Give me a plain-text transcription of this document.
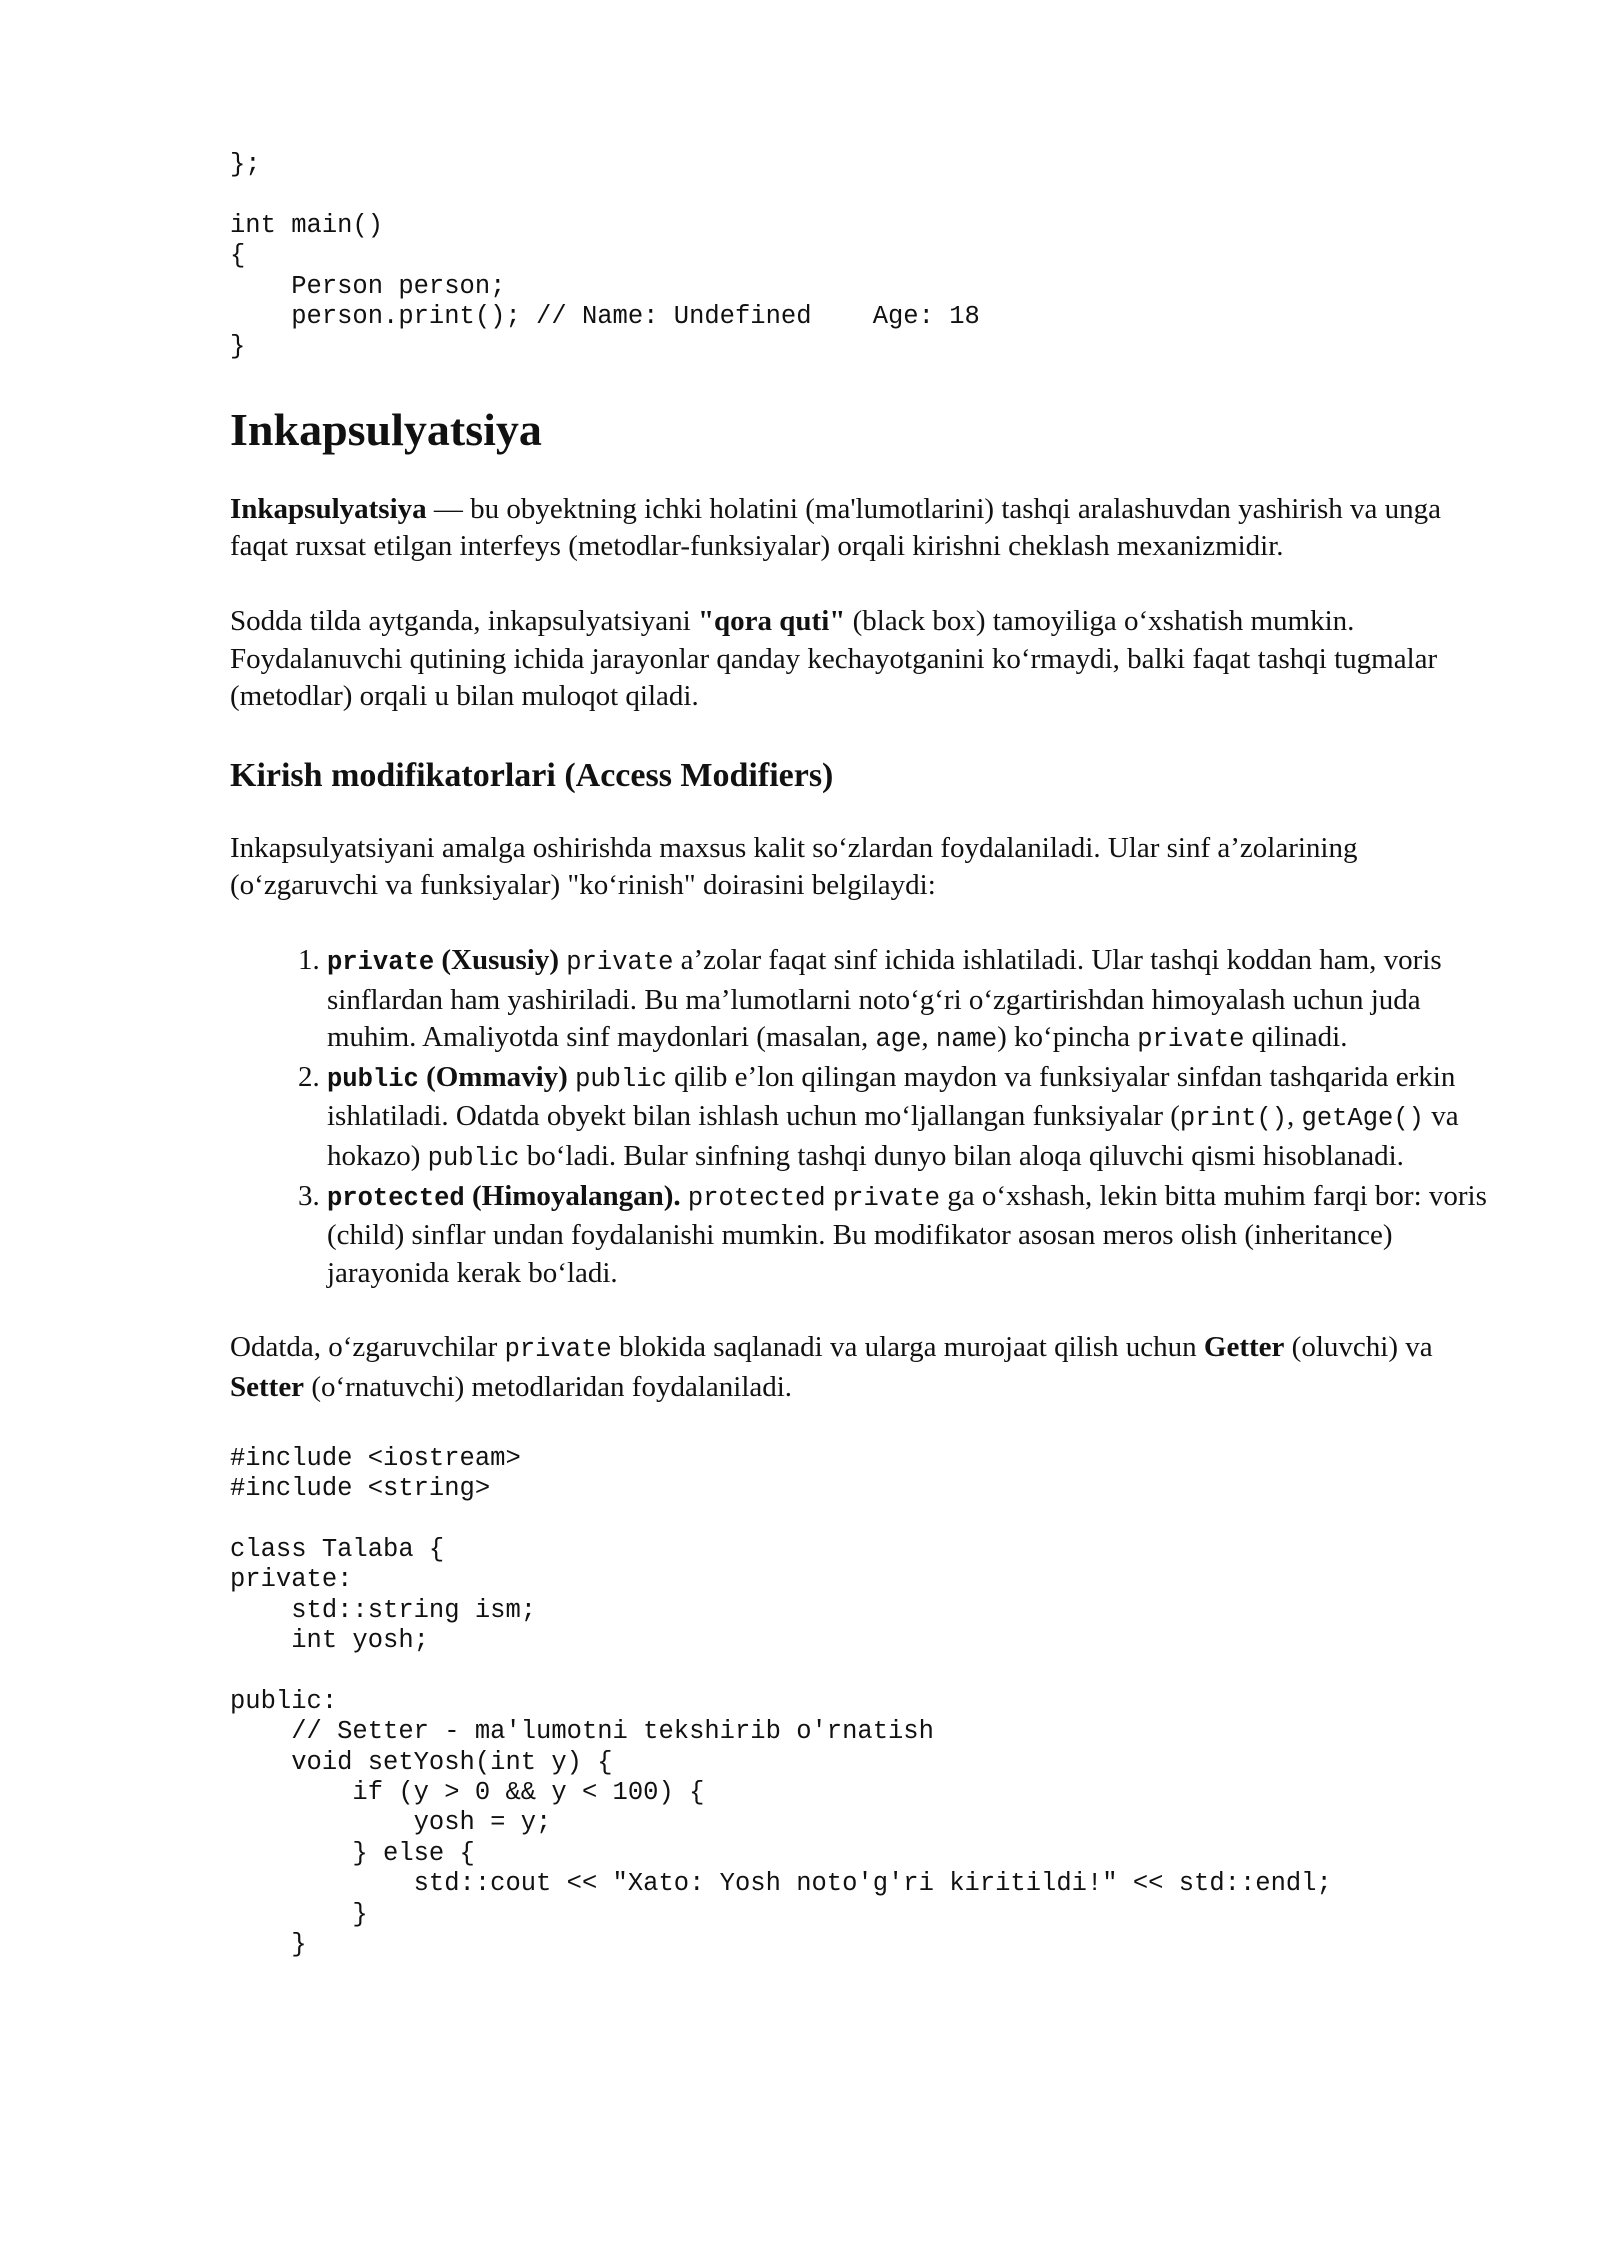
};

int main()
{
Person person;
person.print(); // Name: Undefined    Age: 18
}
Inkapsulyatsiya

Inkapsulyatsiya — bu obyektning ichki holatini (ma'lumotlarini) tashqi aralashuvdan yashirish va unga faqat ruxsat etilgan interfeys (metodlar-funksiyalar) orqali kirishni cheklash mexanizmidir.

Sodda tilda aytganda, inkapsulyatsiyani "qora quti" (black box) tamoyiliga oʻxshatish mumkin. Foydalanuvchi qutining ichida jarayonlar qanday kechayotganini koʻrmaydi, balki faqat tashqi tugmalar (metodlar) orqali u bilan muloqot qiladi.

Kirish modifikatorlari (Access Modifiers)

Inkapsulyatsiyani amalga oshirishda maxsus kalit soʻzlardan foydalaniladi. Ular sinf a’zolarining (oʻzgaruvchi va funksiyalar) "koʻrinish" doirasini belgilaydi:

1. private (Xususiy) private a’zolar faqat sinf ichida ishlatiladi. Ular tashqi koddan ham, voris sinflardan ham yashiriladi. Bu ma’lumotlarni notoʻgʻri oʻzgartirishdan himoyalash uchun juda muhim. Amaliyotda sinf maydonlari (masalan, age, name) koʻpincha private qilinadi.
2. public (Ommaviy) public qilib e’lon qilingan maydon va funksiyalar sinfdan tashqarida erkin ishlatiladi. Odatda obyekt bilan ishlash uchun moʻljallangan funksiyalar (print(), getAge() va hokazo) public boʻladi. Bular sinfning tashqi dunyo bilan aloqa qiluvchi qismi hisoblanadi.
3. protected (Himoyalangan). protected private ga oʻxshash, lekin bitta muhim farqi bor: voris (child) sinflar undan foydalanishi mumkin. Bu modifikator asosan meros olish (inheritance) jarayonida kerak boʻladi.

Odatda, oʻzgaruvchilar private blokida saqlanadi va ularga murojaat qilish uchun Getter (oluvchi) va Setter (oʻrnatuvchi) metodlaridan foydalaniladi.

#include <iostream>
#include <string>

class Talaba {
private:
std::string ism;
int yosh;

public:
// Setter - ma'lumotni tekshirib o'rnatish
void setYosh(int y) {
if (y > 0 && y < 100) {
yosh = y;
} else {
std::cout << "Xato: Yosh noto'g'ri kiritildi!" << std::endl;
}
}
